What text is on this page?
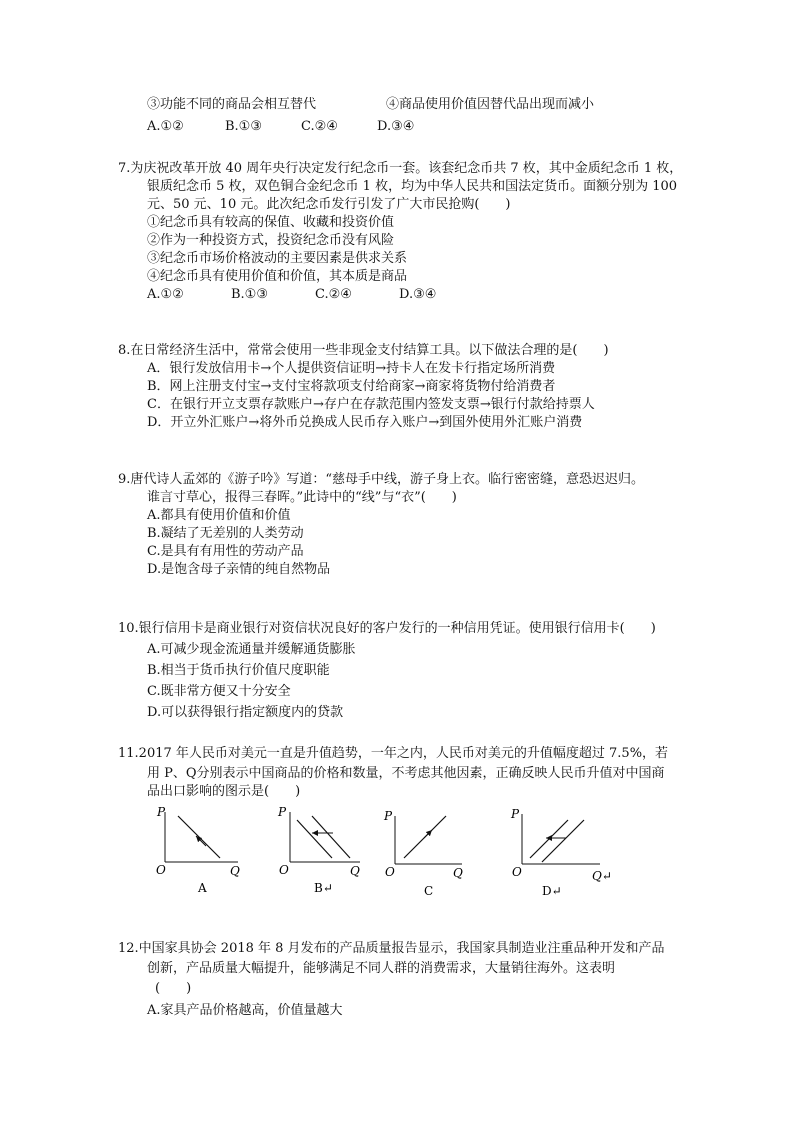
③功能不同的商品会相互替代	④商品使用价值因替代品出现而减小
A.①②	B.①③	C.②④	D.③④
7.为庆祝改革开放 40 周年央行决定发行纪念币一套。该套纪念币共 7 枚，其中金质纪念币 1 枚，
银质纪念币 5 枚，双色铜合金纪念币 1 枚，均为中华人民共和国法定货币。面额分别为 100
元、50 元、10 元。此次纪念币发行引发了广大市民抢购(　　)
①纪念币具有较高的保值、收藏和投资价值
②作为一种投资方式，投资纪念币没有风险
③纪念币市场价格波动的主要因素是供求关系
④纪念币具有使用价值和价值，其本质是商品
A.①②	B.①③	C.②④	D.③④
8.在日常经济生活中，常常会使用一些非现金支付结算工具。以下做法合理的是(　　)
A．银行发放信用卡→个人提供资信证明→持卡人在发卡行指定场所消费
B．网上注册支付宝→支付宝将款项支付给商家→商家将货物付给消费者
C．在银行开立支票存款账户→存户在存款范围内签发支票→银行付款给持票人
D．开立外汇账户→将外币兑换成人民币存入账户→到国外使用外汇账户消费
9.唐代诗人孟郊的《游子吟》写道：“慈母手中线，游子身上衣。临行密密缝，意恐迟迟归。
谁言寸草心，报得三春晖。”此诗中的“线”与“衣”(　　)
A.都具有使用价值和价值
B.凝结了无差别的人类劳动
C.是具有有用性的劳动产品
D.是饱含母子亲情的纯自然物品
10.银行信用卡是商业银行对资信状况良好的客户发行的一种信用凭证。使用银行信用卡(　　)
A.可减少现金流通量并缓解通货膨胀
B.相当于货币执行价值尺度职能
C.既非常方便又十分安全
D.可以获得银行指定额度内的贷款
11.2017 年人民币对美元一直是升值趋势，一年之内，人民币对美元的升值幅度超过 7.5%，若
用 P、Q分别表示中国商品的价格和数量，不考虑其他因素，正确反映人民币升值对中国商
品出口影响的图示是(　　)
P
O	Q
A
P
O	Q
B↵
P
O	Q
C
P
O	Q↵
D↵
12.中国家具协会 2018 年 8 月发布的产品质量报告显示，我国家具制造业注重品种开发和产品
创新，产品质量大幅提升，能够满足不同人群的消费需求，大量销往海外。这表明
(　　)
A.家具产品价格越高，价值量越大
